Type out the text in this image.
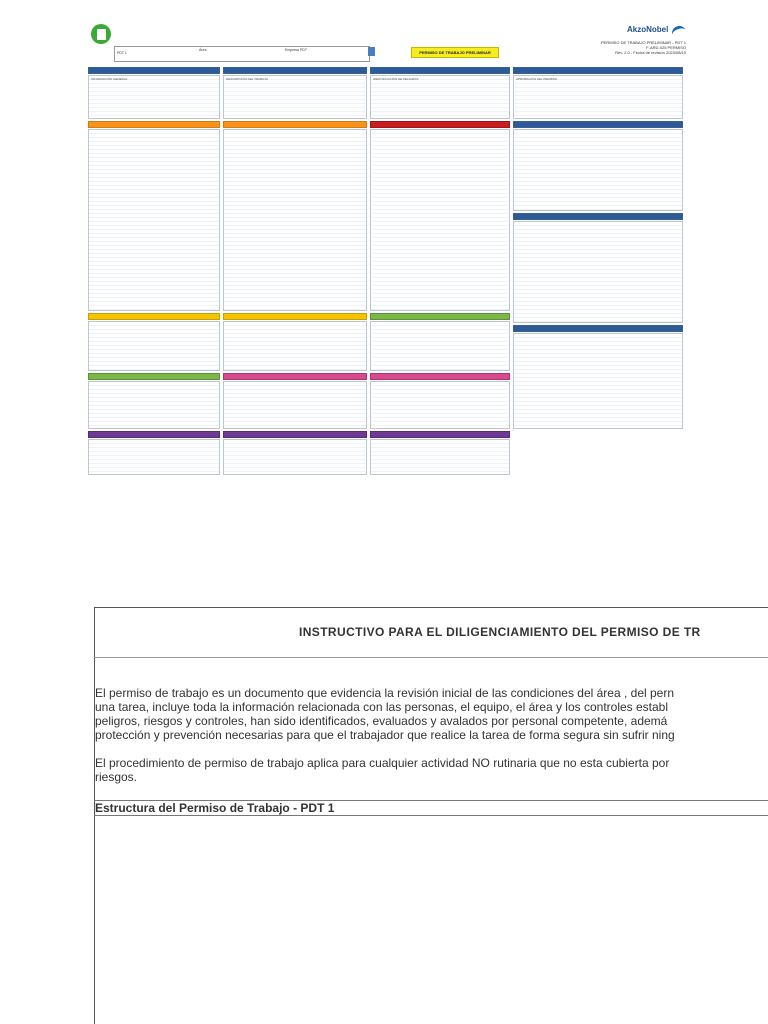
AkzoNobel
PERMISO DE TRABAJO PRELIMINAR - PDT 1
F-ARD-025 PERMISO
Rev. 2.0 - Fecha de revisión 2023/08/10
PDT 1
Área	Empresa PDT	PERMISO DE TRABAJO PRELIMINAR
INFORMACIÓN GENERAL	DESCRIPCIÓN DEL TRABAJO	IDENTIFICACIÓN DE PELIGROS	APROBACIÓN DEL PERMISO
INSTRUCTIVO PARA EL DILIGENCIAMIENTO DEL PERMISO DE TR
El permiso de trabajo es un documento que evidencia la revisión inicial de las condiciones del área , del pern
una tarea, incluye toda la información relacionada con las personas, el equipo, el área y los controles establ
peligros, riesgos y controles, han sido identificados, evaluados y avalados por personal competente, ademá
protección y prevención necesarias para que el trabajador que realice la tarea de forma segura sin sufrir ning
El procedimiento de permiso de trabajo aplica para cualquier actividad NO rutinaria que no esta cubierta por
riesgos.
Estructura del Permiso de Trabajo - PDT 1
